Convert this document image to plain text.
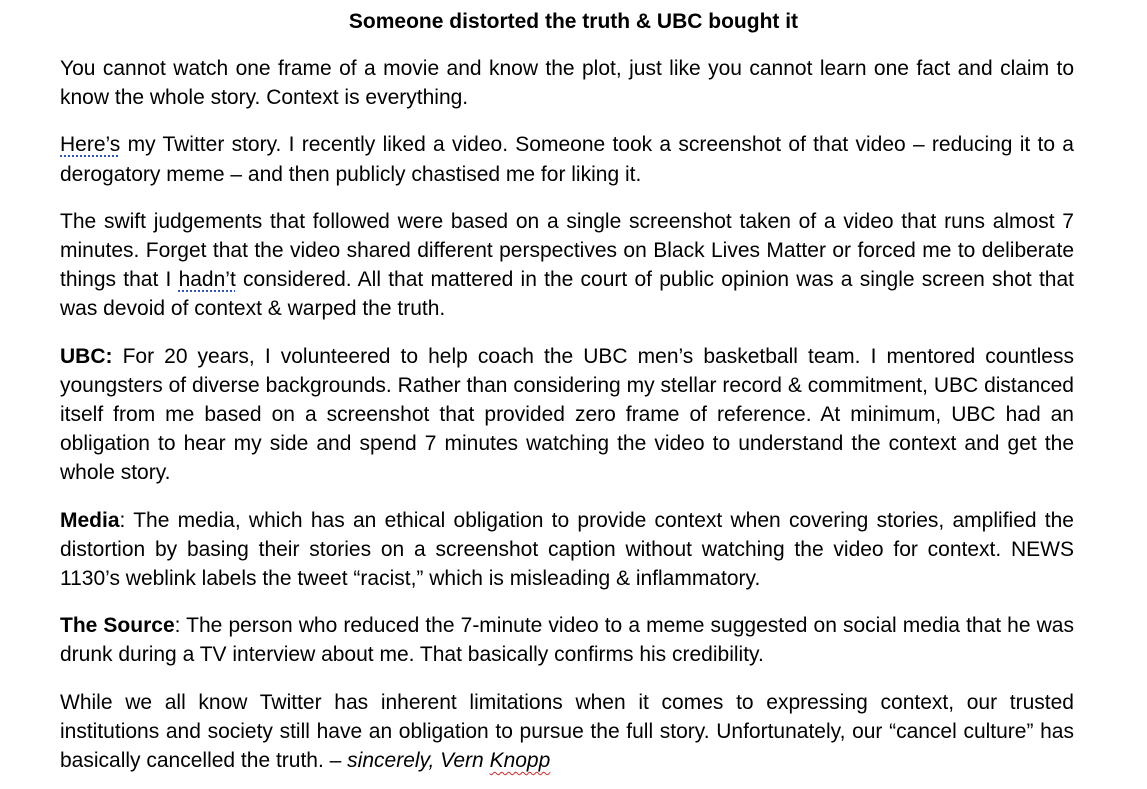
Someone distorted the truth & UBC bought it

You cannot watch one frame of a movie and know the plot, just like you cannot learn one fact and claim to know the whole story. Context is everything.

Here’s my Twitter story. I recently liked a video. Someone took a screenshot of that video – reducing it to a derogatory meme – and then publicly chastised me for liking it.

The swift judgements that followed were based on a single screenshot taken of a video that runs almost 7 minutes. Forget that the video shared different perspectives on Black Lives Matter or forced me to deliberate things that I hadn’t considered. All that mattered in the court of public opinion was a single screen shot that was devoid of context & warped the truth.

UBC: For 20 years, I volunteered to help coach the UBC men’s basketball team. I mentored countless youngsters of diverse backgrounds. Rather than considering my stellar record & commitment, UBC distanced itself from me based on a screenshot that provided zero frame of reference. At minimum, UBC had an obligation to hear my side and spend 7 minutes watching the video to understand the context and get the whole story.

Media: The media, which has an ethical obligation to provide context when covering stories, amplified the distortion by basing their stories on a screenshot caption without watching the video for context. NEWS 1130’s weblink labels the tweet “racist,” which is misleading & inflammatory.

The Source: The person who reduced the 7-minute video to a meme suggested on social media that he was drunk during a TV interview about me. That basically confirms his credibility.

While we all know Twitter has inherent limitations when it comes to expressing context, our trusted institutions and society still have an obligation to pursue the full story. Unfortunately, our “cancel culture” has basically cancelled the truth. – sincerely, Vern Knopp
